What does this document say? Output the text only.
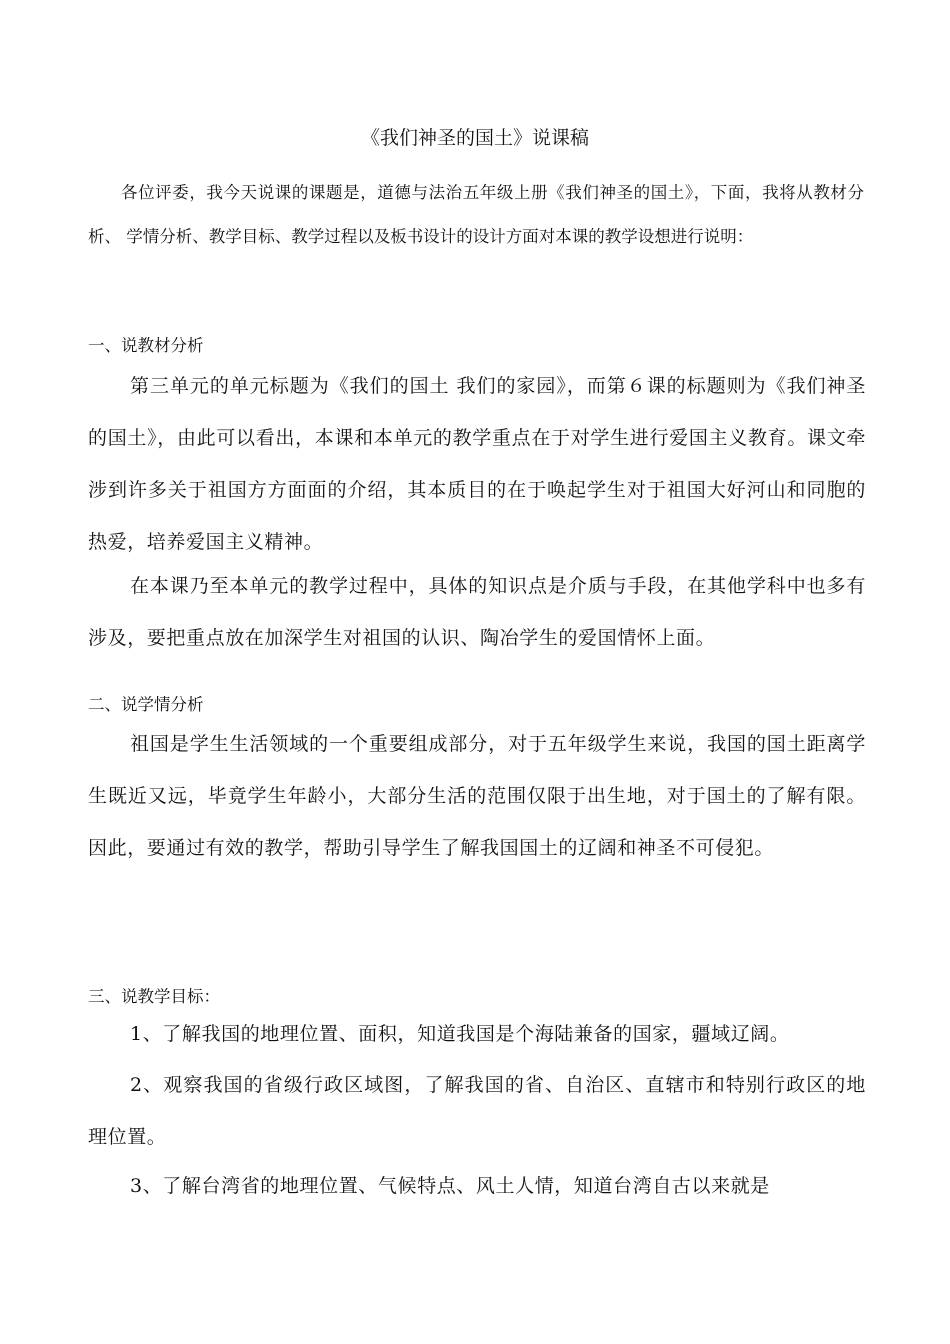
《我们神圣的国土》说课稿
各位评委，我今天说课的课题是，道德与法治五年级上册《我们神圣的国土》，下面，我将从教材分析、 学情分析、教学目标、教学过程以及板书设计的设计方面对本课的教学设想进行说明：
一、说教材分析
第三单元的单元标题为《我们的国土 我们的家园》，而第６课的标题则为《我们神圣的国土》，由此可以看出，本课和本单元的教学重点在于对学生进行爱国主义教育。课文牵涉到许多关于祖国方方面面的介绍，其本质目的在于唤起学生对于祖国大好河山和同胞的热爱，培养爱国主义精神。
在本课乃至本单元的教学过程中，具体的知识点是介质与手段，在其他学科中也多有涉及，要把重点放在加深学生对祖国的认识、陶冶学生的爱国情怀上面。
二、说学情分析
祖国是学生生活领域的一个重要组成部分，对于五年级学生来说，我国的国土距离学生既近又远，毕竟学生年龄小，大部分生活的范围仅限于出生地，对于国土的了解有限。因此，要通过有效的教学，帮助引导学生了解我国国土的辽阔和神圣不可侵犯。
三、说教学目标：
1、了解我国的地理位置、面积，知道我国是个海陆兼备的国家，疆域辽阔。
2、观察我国的省级行政区域图，了解我国的省、自治区、直辖市和特别行政区的地理位置。
3、了解台湾省的地理位置、气候特点、风土人情，知道台湾自古以来就是
